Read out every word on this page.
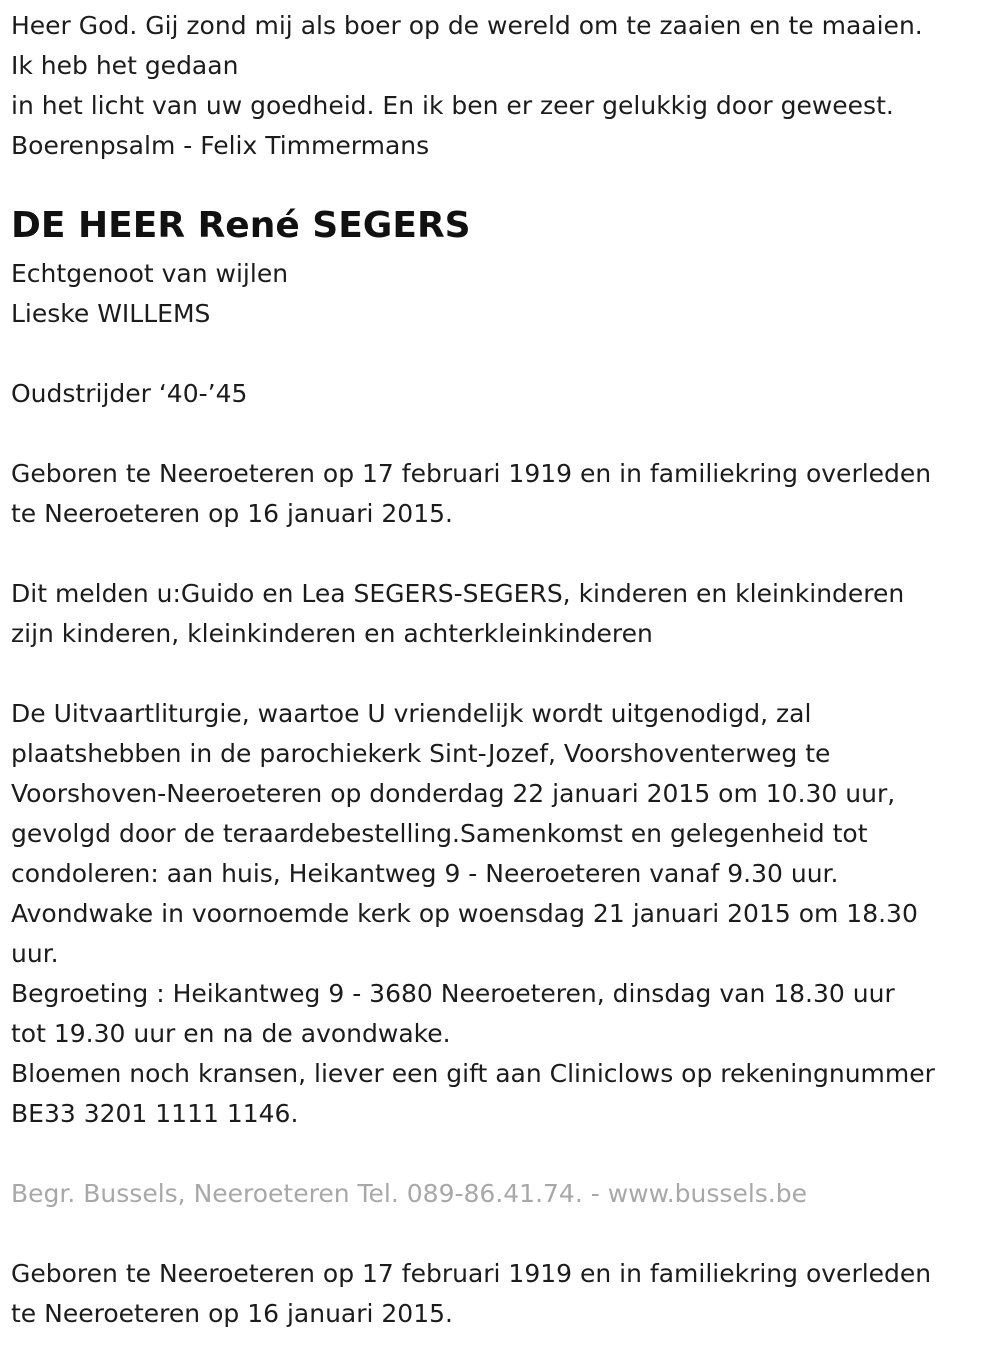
Heer God. Gij zond mij als boer op de wereld om te zaaien en te maaien.
Ik heb het gedaan
in het licht van uw goedheid. En ik ben er zeer gelukkig door geweest.
Boerenpsalm - Felix Timmermans
DE HEER René SEGERS
Echtgenoot van wijlen
Lieske WILLEMS
Oudstrijder ‘40-’45
Geboren te Neeroeteren op 17 februari 1919 en in familiekring overleden
te Neeroeteren op 16 januari 2015.
Dit melden u:Guido en Lea SEGERS-SEGERS, kinderen en kleinkinderen
zijn kinderen, kleinkinderen en achterkleinkinderen
De Uitvaartliturgie, waartoe U vriendelijk wordt uitgenodigd, zal
plaatshebben in de parochiekerk Sint-Jozef, Voorshoventerweg te
Voorshoven-Neeroeteren op donderdag 22 januari 2015 om 10.30 uur,
gevolgd door de teraardebestelling.Samenkomst en gelegenheid tot
condoleren: aan huis, Heikantweg 9 - Neeroeteren vanaf 9.30 uur.
Avondwake in voornoemde kerk op woensdag 21 januari 2015 om 18.30
uur.
Begroeting : Heikantweg 9 - 3680 Neeroeteren, dinsdag van 18.30 uur
tot 19.30 uur en na de avondwake.
Bloemen noch kransen, liever een gift aan Cliniclows op rekeningnummer
BE33 3201 1111 1146.
Begr. Bussels, Neeroeteren Tel. 089-86.41.74. - www.bussels.be
Geboren te Neeroeteren op 17 februari 1919 en in familiekring overleden
te Neeroeteren op 16 januari 2015.
